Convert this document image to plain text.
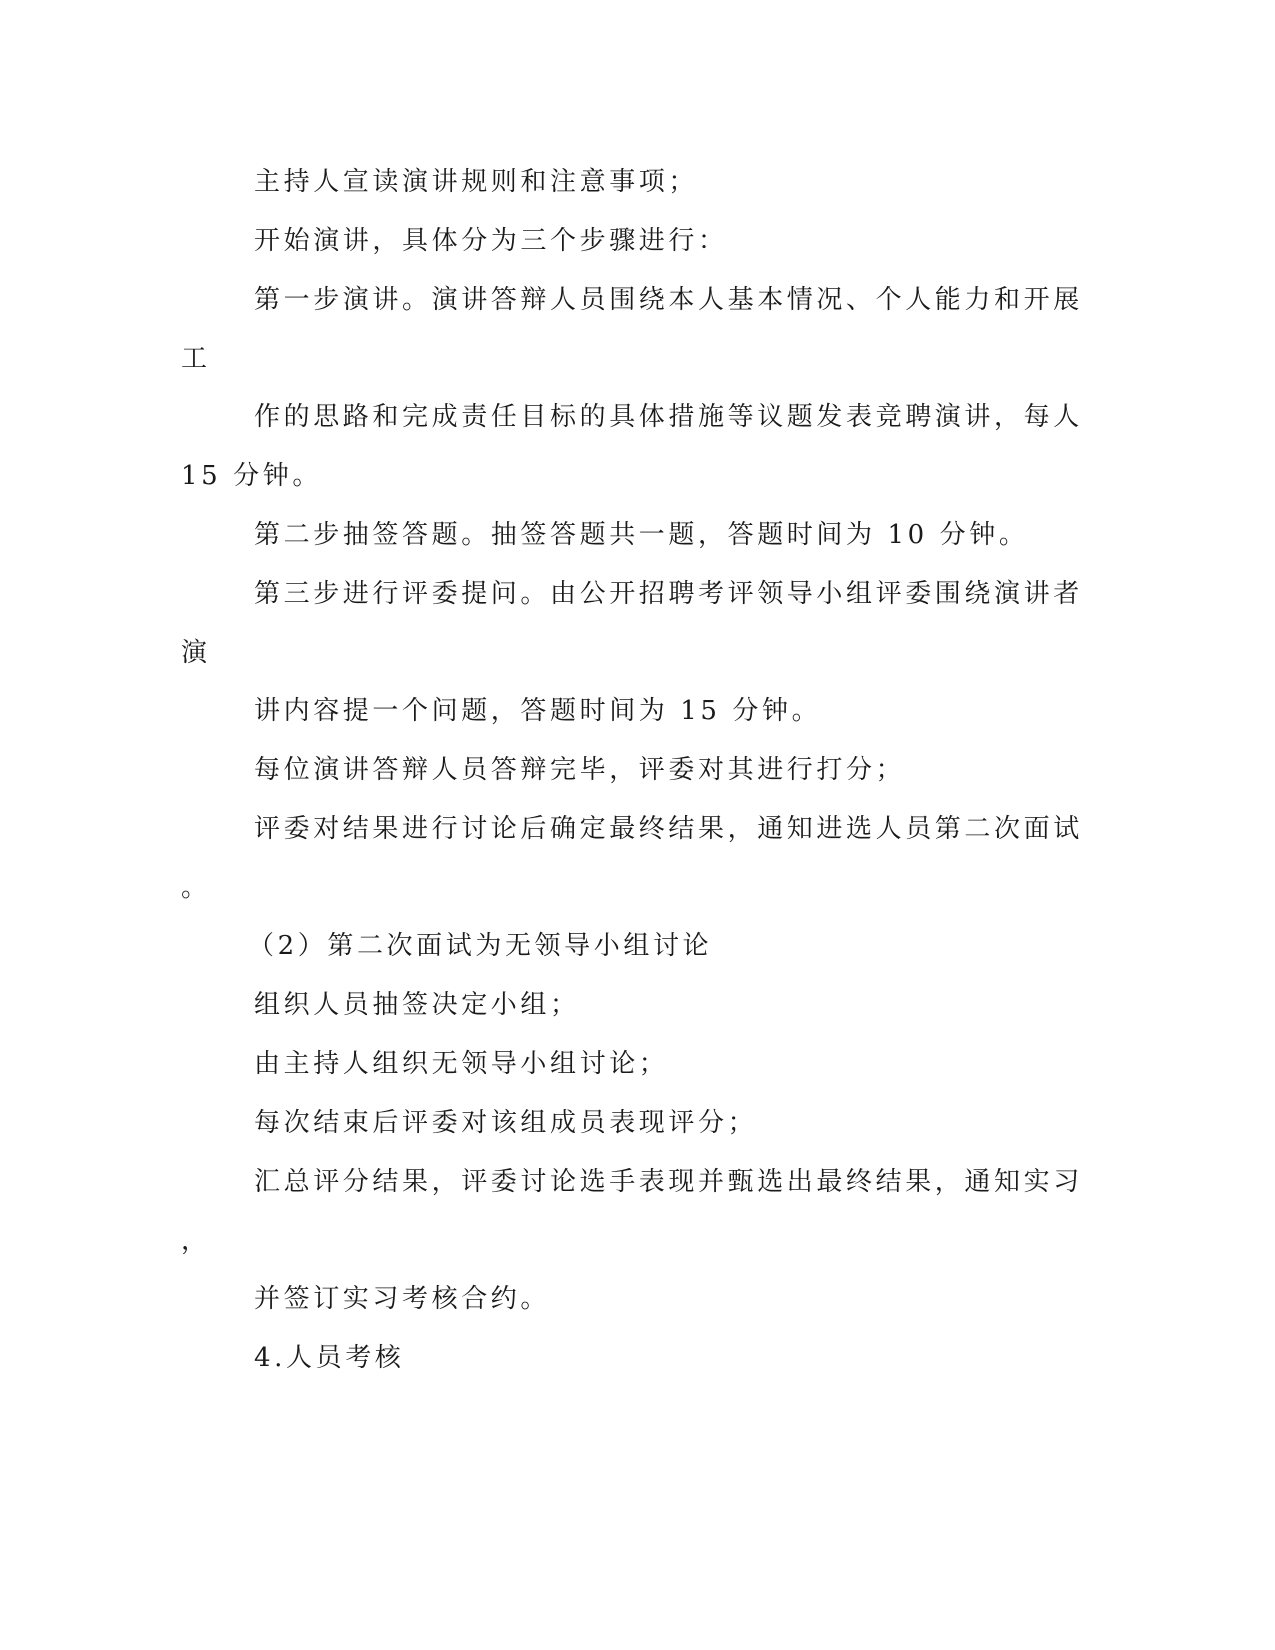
主持人宣读演讲规则和注意事项；
开始演讲，具体分为三个步骤进行：
第一步演讲。演讲答辩人员围绕本人基本情况、个人能力和开展
工
作的思路和完成责任目标的具体措施等议题发表竞聘演讲，每人
15 分钟。
第二步抽签答题。抽签答题共一题，答题时间为 10 分钟。
第三步进行评委提问。由公开招聘考评领导小组评委围绕演讲者
演
讲内容提一个问题，答题时间为 15 分钟。
每位演讲答辩人员答辩完毕，评委对其进行打分；
评委对结果进行讨论后确定最终结果，通知进选人员第二次面试
。
（2）第二次面试为无领导小组讨论
组织人员抽签决定小组；
由主持人组织无领导小组讨论；
每次结束后评委对该组成员表现评分；
汇总评分结果，评委讨论选手表现并甄选出最终结果，通知实习
，
并签订实习考核合约。
4.人员考核
